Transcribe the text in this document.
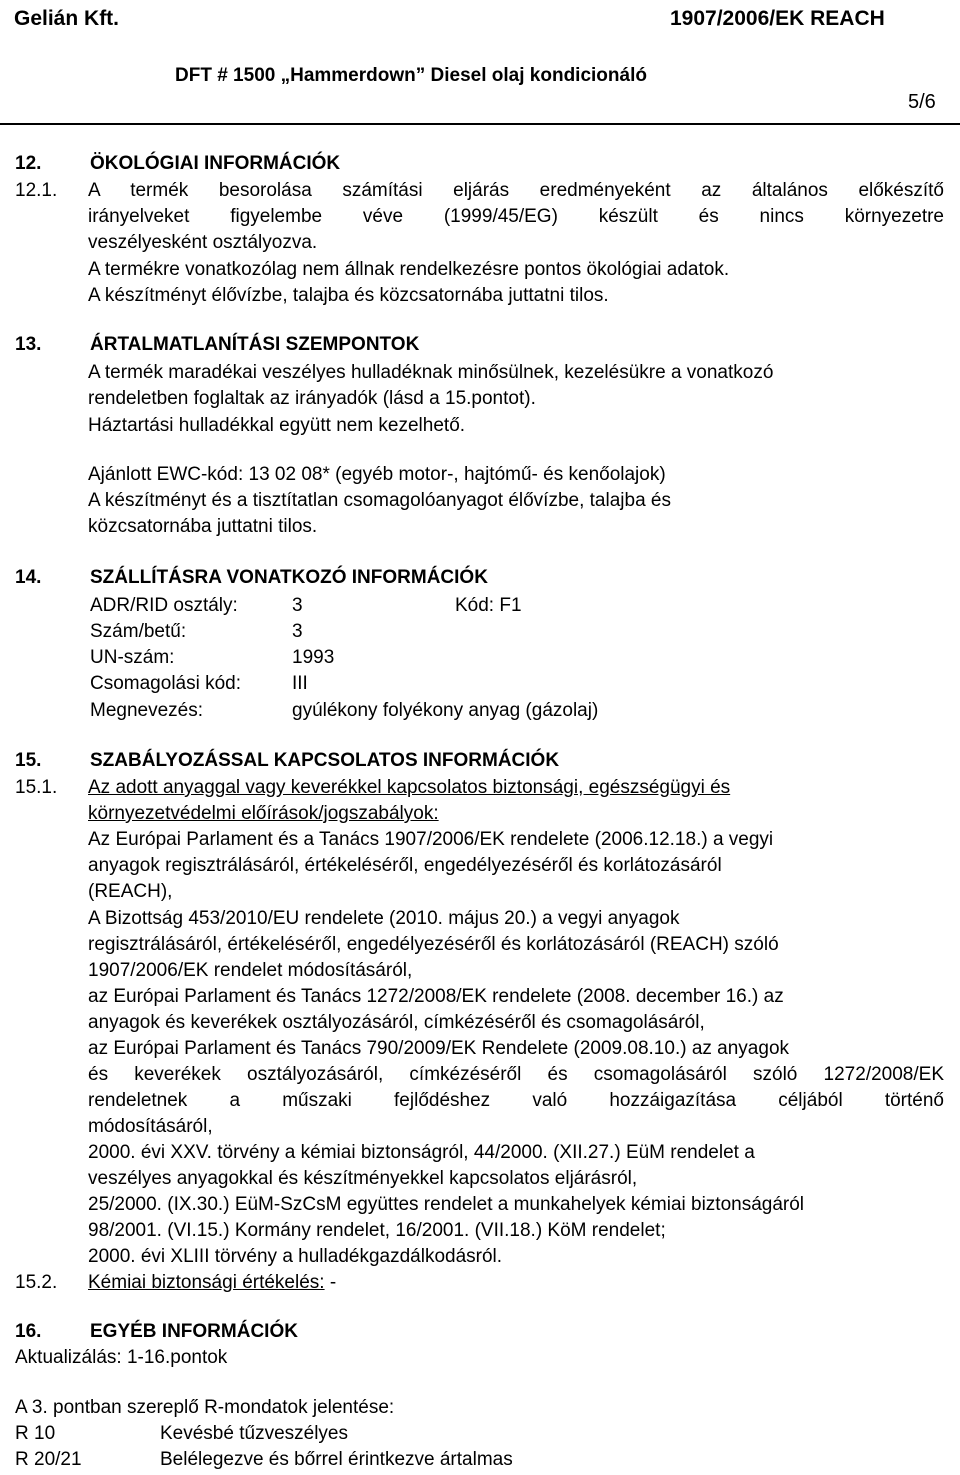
Gelián Kft.	1907/2006/EK REACH
DFT # 1500 „Hammerdown” Diesel olaj kondicionáló
5/6
12.	ÖKOLÓGIAI INFORMÁCIÓK
12.1. A termék besorolása számítási eljárás eredményeként az általános előkészítő
irányelveket figyelembe véve (1999/45/EG) készült és nincs környezetre
veszélyesként osztályozva.
A termékre vonatkozólag nem állnak rendelkezésre pontos ökológiai adatok.
A készítményt élővízbe, talajba és közcsatornába juttatni tilos.
13.	ÁRTALMATLANÍTÁSI SZEMPONTOK
A termék maradékai veszélyes hulladéknak minősülnek, kezelésükre a vonatkozó
rendeletben foglaltak az irányadók (lásd a 15.pontot).
Háztartási hulladékkal együtt nem kezelhető.
Ajánlott EWC-kód: 13 02 08* (egyéb motor-, hajtómű- és kenőolajok)
A készítményt és a tisztítatlan csomagolóanyagot élővízbe, talajba és
közcsatornába juttatni tilos.
14.	SZÁLLÍTÁSRA VONATKOZÓ INFORMÁCIÓK
ADR/RID osztály:	3	Kód: F1
Szám/betű:	3
UN-szám:	1993
Csomagolási kód:	III
Megnevezés:	gyúlékony folyékony anyag (gázolaj)
15.	SZABÁLYOZÁSSAL KAPCSOLATOS INFORMÁCIÓK
15.1. Az adott anyaggal vagy keverékkel kapcsolatos biztonsági, egészségügyi és
környezetvédelmi előírások/jogszabályok:
Az Európai Parlament és a Tanács 1907/2006/EK rendelete (2006.12.18.) a vegyi
anyagok regisztrálásáról, értékeléséről, engedélyezéséről és korlátozásáról
(REACH),
A Bizottság 453/2010/EU rendelete (2010. május 20.) a vegyi anyagok
regisztrálásáról, értékeléséről, engedélyezéséről és korlátozásáról (REACH) szóló
1907/2006/EK rendelet módosításáról,
az Európai Parlament és Tanács 1272/2008/EK rendelete (2008. december 16.) az
anyagok és keverékek osztályozásáról, címkézéséről és csomagolásáról,
az Európai Parlament és Tanács 790/2009/EK Rendelete (2009.08.10.) az anyagok
és keverékek osztályozásáról, címkézéséről és csomagolásáról szóló 1272/2008/EK
rendeletnek a műszaki fejlődéshez való hozzáigazítása céljából történő
módosításáról,
2000. évi XXV. törvény a kémiai biztonságról, 44/2000. (XII.27.) EüM rendelet a
veszélyes anyagokkal és készítményekkel kapcsolatos eljárásról,
25/2000. (IX.30.) EüM-SzCsM együttes rendelet a munkahelyek kémiai biztonságáról
98/2001. (VI.15.) Kormány rendelet, 16/2001. (VII.18.) KöM rendelet;
2000. évi XLIII törvény a hulladékgazdálkodásról.
15.2. Kémiai biztonsági értékelés: -
16.	EGYÉB INFORMÁCIÓK
Aktualizálás: 1-16.pontok
A 3. pontban szereplő R-mondatok jelentése:
R 10	Kevésbé tűzveszélyes
R 20/21	Belélegezve és bőrrel érintkezve ártalmas
